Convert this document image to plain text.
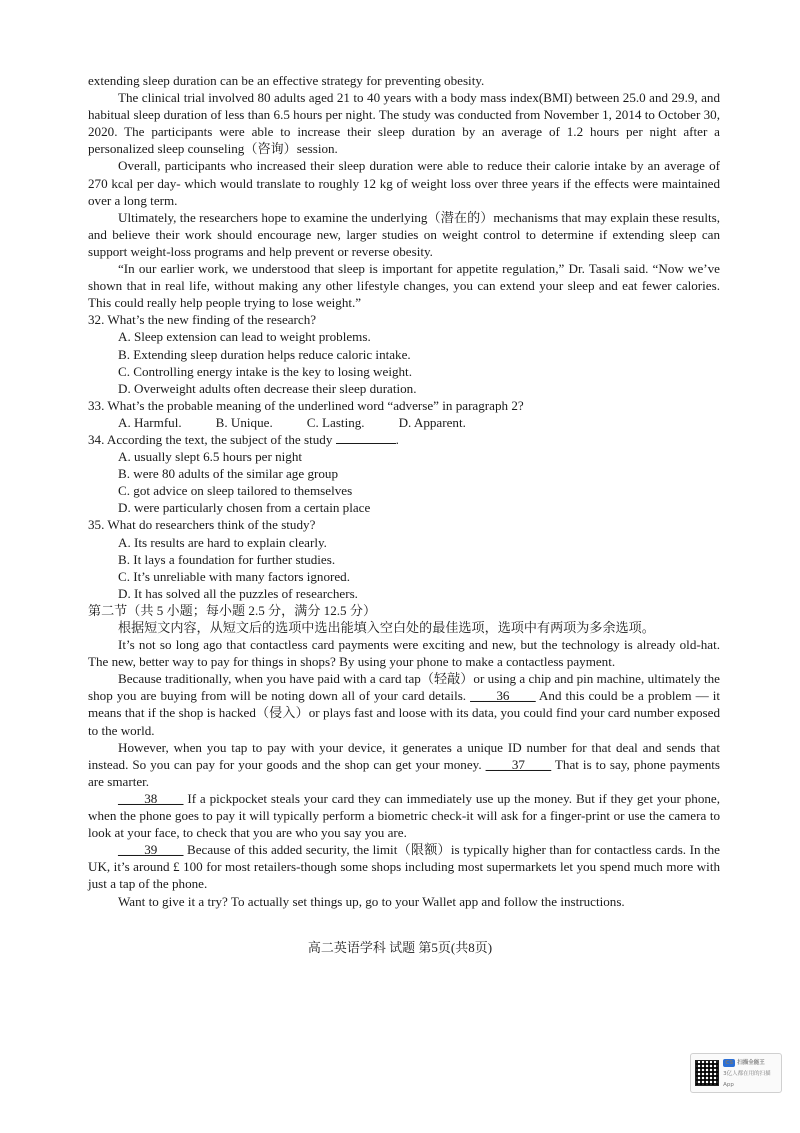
extending sleep duration can be an effective strategy for preventing obesity.

The clinical trial involved 80 adults aged 21 to 40 years with a body mass index(BMI) between 25.0 and 29.9, and habitual sleep duration of less than 6.5 hours per night. The study was conducted from November 1, 2014 to October 30, 2020. The participants were able to increase their sleep duration by an average of 1.2 hours per night after a personalized sleep counseling（咨询）session.

Overall, participants who increased their sleep duration were able to reduce their calorie intake by an average of 270 kcal per day- which would translate to roughly 12 kg of weight loss over three years if the effects were maintained over a long term.

Ultimately, the researchers hope to examine the underlying（潜在的）mechanisms that may explain these results, and believe their work should encourage new, larger studies on weight control to determine if extending sleep can support weight-loss programs and help prevent or reverse obesity.

“In our earlier work, we understood that sleep is important for appetite regulation,” Dr. Tasali said. “Now we’ve shown that in real life, without making any other lifestyle changes, you can extend your sleep and eat fewer calories. This could really help people trying to lose weight.”

32. What’s the new finding of the research?

A. Sleep extension can lead to weight problems.

B. Extending sleep duration helps reduce caloric intake.

C. Controlling energy intake is the key to losing weight.

D. Overweight adults often decrease their sleep duration.

33. What’s the probable meaning of the underlined word “adverse” in paragraph 2?

A. Harmful.	B. Unique.	C. Lasting.	D. Apparent.

34. According the text, the subject of the study	.

A. usually slept 6.5 hours per night

B. were 80 adults of the similar age group

C. got advice on sleep tailored to themselves

D. were particularly chosen from a certain place

35. What do researchers think of the study?

A. Its results are hard to explain clearly.

B. It lays a foundation for further studies.

C. It’s unreliable with many factors ignored.

D. It has solved all the puzzles of researchers.

第二节（共 5 小题；每小题 2.5 分，满分 12.5 分）

根据短文内容，从短文后的选项中选出能填入空白处的最佳选项，选项中有两项为多余选项。

It’s not so long ago that contactless card payments were exciting and new, but the technology is already old-hat. The new, better way to pay for things in shops? By using your phone to make a contactless payment.

Because traditionally, when you have paid with a card tap（轻敲）or using a chip and pin machine, ultimately the shop you are buying from will be noting down all of your card details. ____36____ And this could be a problem — it means that if the shop is hacked（侵入）or plays fast and loose with its data, you could find your card number exposed to the world.

However, when you tap to pay with your device, it generates a unique ID number for that deal and sends that instead. So you can pay for your goods and the shop can get your money. ____37____ That is to say, phone payments are smarter.

____38____ If a pickpocket steals your card they can immediately use up the money. But if they get your phone, when the phone goes to pay it will typically perform a biometric check-it will ask for a finger-print or use the camera to look at your face, to check that you are who you say you are.

____39____ Because of this added security, the limit（限额）is typically higher than for contactless cards. In the UK, it’s around £ 100 for most retailers-though some shops including most supermarkets let you spend much more with just a tap of the phone.

Want to give it a try? To actually set things up, go to your Wallet app and follow the instructions.

高二英语学科 试题 第5页(共8页)
CS 扫描全能王
3亿人都在用的扫描App
